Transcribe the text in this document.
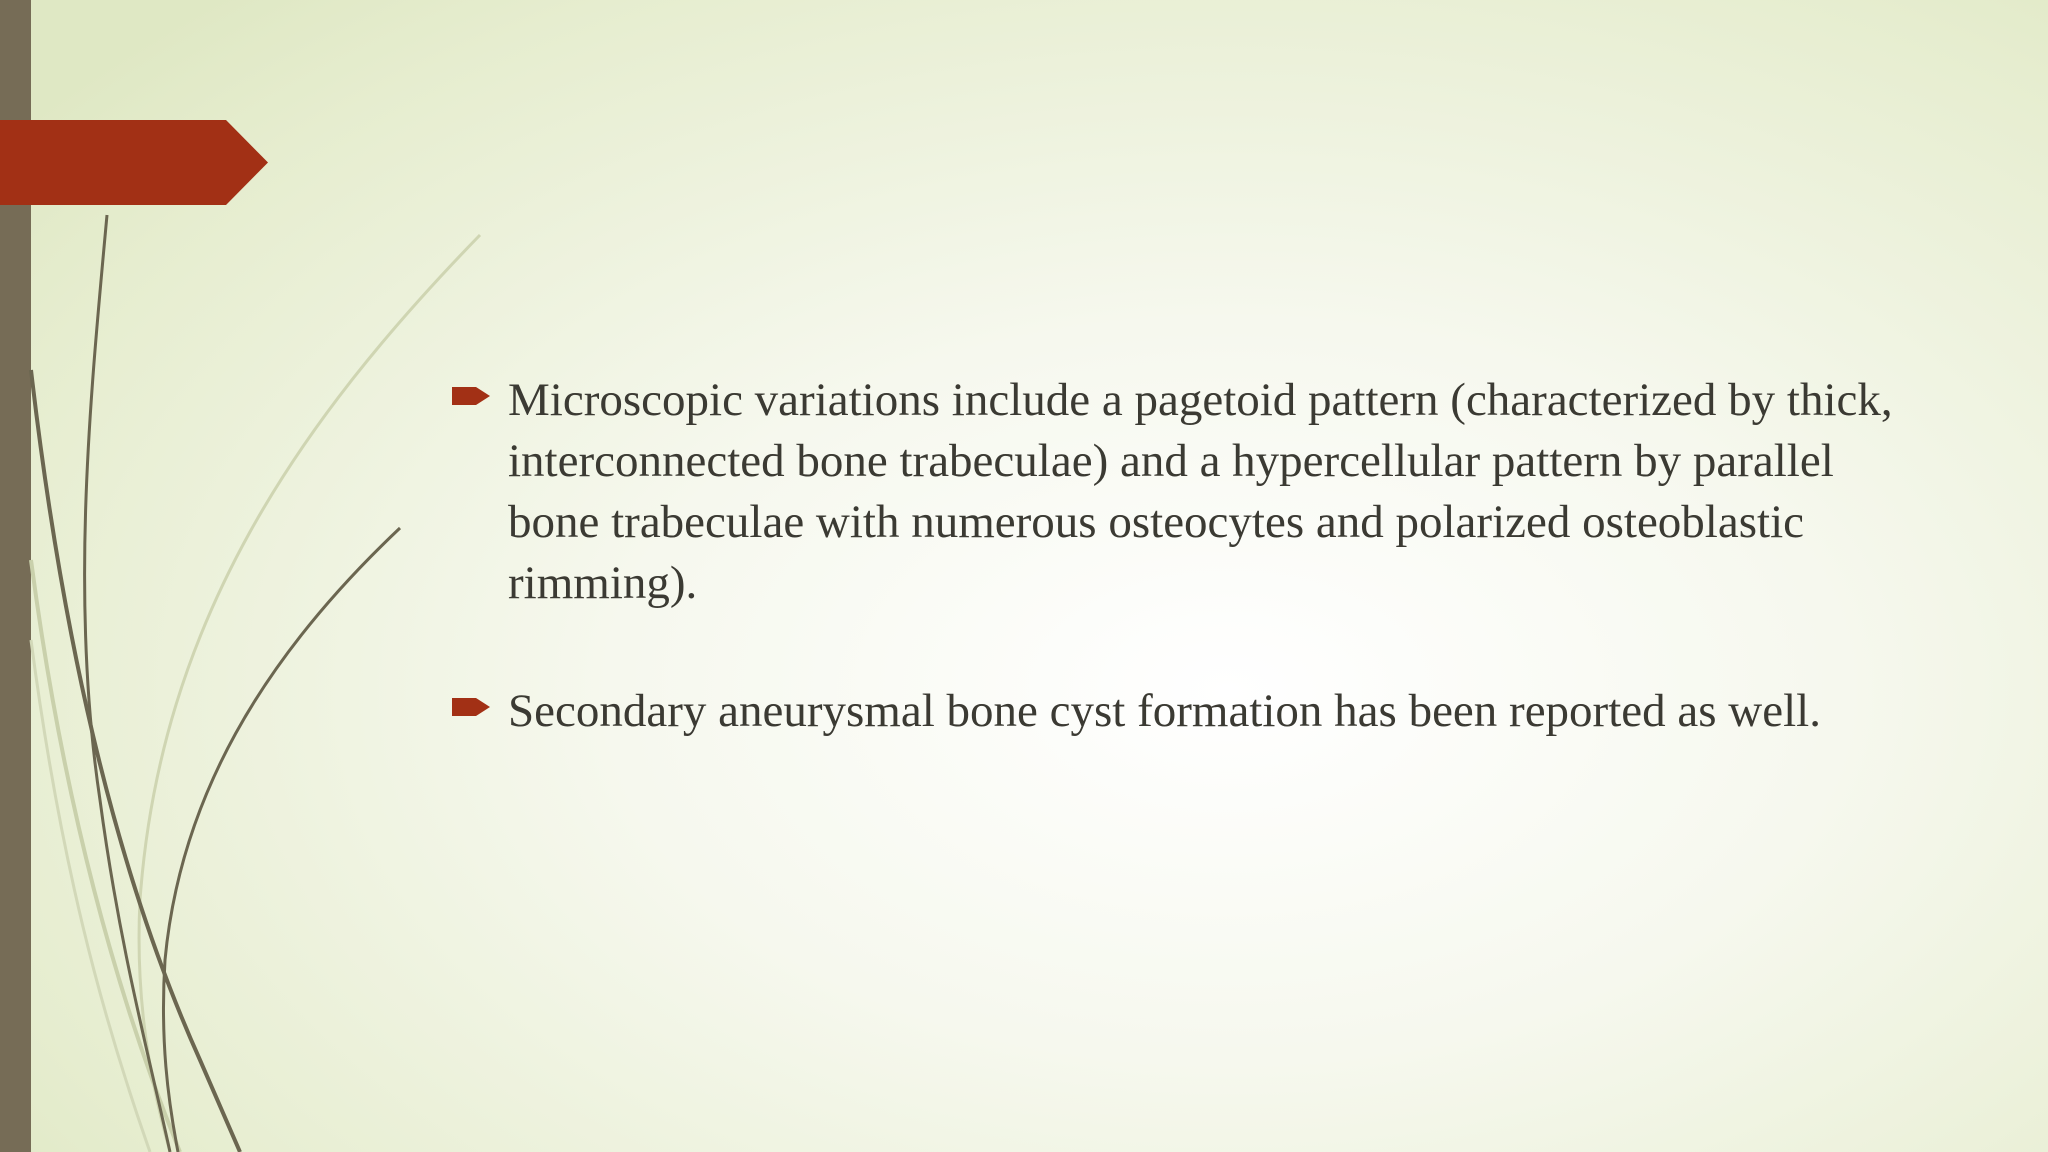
Microscopic variations include a pagetoid pattern (characterized by thick, interconnected bone trabeculae) and a hypercellular pattern by parallel bone trabeculae with numerous osteocytes and polarized osteoblastic rimming).
Secondary aneurysmal bone cyst formation has been reported as well.
